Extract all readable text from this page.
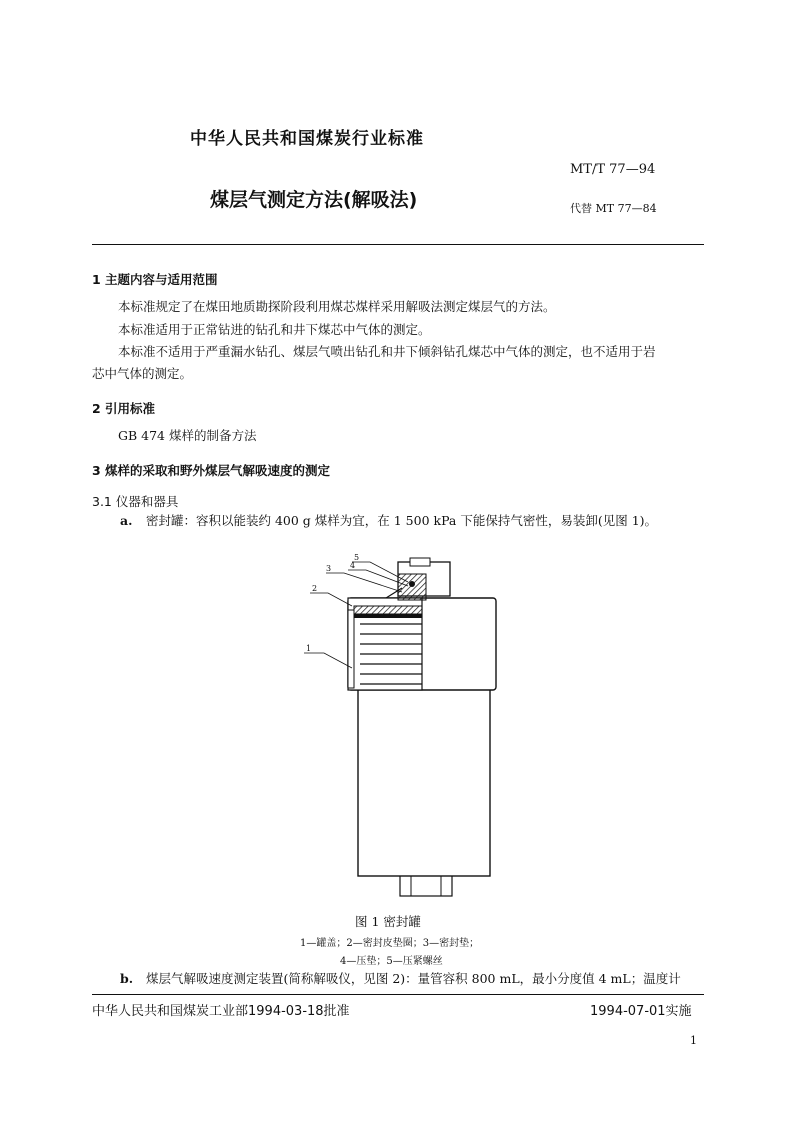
中华人民共和国煤炭行业标准
MT/T 77—94
煤层气测定方法(解吸法)	代替 MT 77—84
1 主题内容与适用范围
本标准规定了在煤田地质勘探阶段利用煤芯煤样采用解吸法测定煤层气的方法。
本标准适用于正常钻进的钻孔和井下煤芯中气体的测定。
本标准不适用于严重漏水钻孔、煤层气喷出钻孔和井下倾斜钻孔煤芯中气体的测定，也不适用于岩
芯中气体的测定。
2 引用标准
GB 474 煤样的制备方法
3 煤样的采取和野外煤层气解吸速度的测定
3.1 仪器和器具
a. 密封罐：容积以能装约 400 g 煤样为宜，在 1 500 kPa 下能保持气密性，易装卸(见图 1)。
5
4
3
2
1
图 1 密封罐
1—罐盖；2—密封皮垫圈；3—密封垫；
4—压垫；5—压紧螺丝
b. 煤层气解吸速度测定装置(简称解吸仪，见图 2)：量管容积 800 mL，最小分度值 4 mL；温度计
中华人民共和国煤炭工业部1994-03-18批准	1994-07-01实施
1
